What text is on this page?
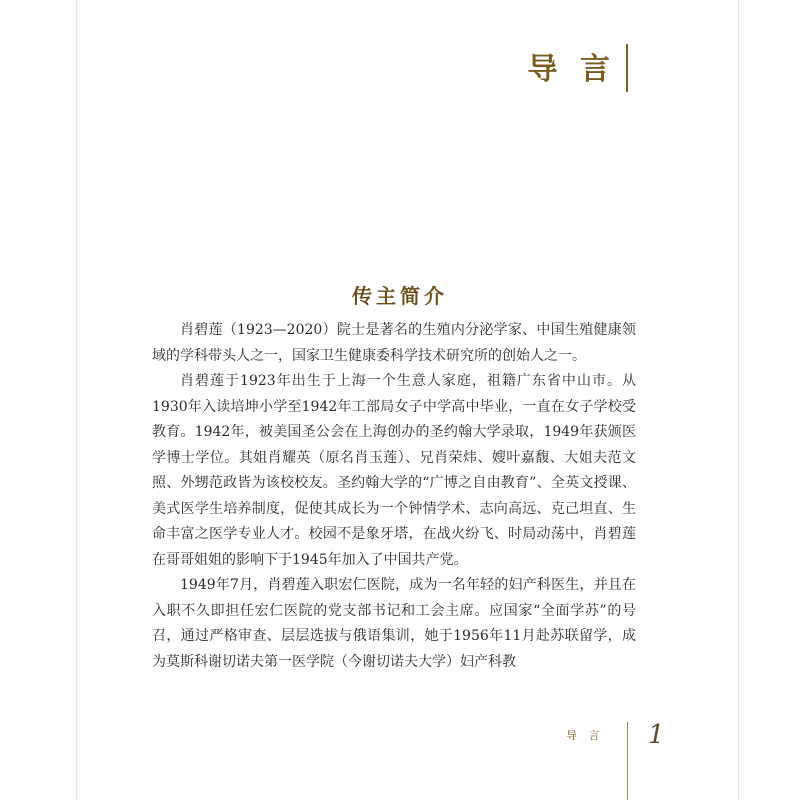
导 言
传主简介

肖碧莲（1923—2020）院士是著名的生殖内分泌学家、中国生殖健康领域的学科带头人之一，国家卫生健康委科学技术研究所的创始人之一。

肖碧莲于1923年出生于上海一个生意人家庭，祖籍广东省中山市。从1930年入读培坤小学至1942年工部局女子中学高中毕业，一直在女子学校受教育。1942年，被美国圣公会在上海创办的圣约翰大学录取，1949年获颁医学博士学位。其姐肖耀英（原名肖玉莲）、兄肖荣炜、嫂叶嘉馥、大姐夫范文照、外甥范政皆为该校校友。圣约翰大学的“广博之自由教育”、全英文授课、美式医学生培养制度，促使其成长为一个钟情学术、志向高远、克己坦直、生命丰富之医学专业人才。校园不是象牙塔，在战火纷飞、时局动荡中，肖碧莲在哥哥姐姐的影响下于1945年加入了中国共产党。

1949年7月，肖碧莲入职宏仁医院，成为一名年轻的妇产科医生，并且在入职不久即担任宏仁医院的党支部书记和工会主席。应国家“全面学苏”的号召，通过严格审查、层层选拔与俄语集训，她于1956年11月赴苏联留学，成为莫斯科谢切诺夫第一医学院（今谢切诺夫大学）妇产科教

导 言 1
